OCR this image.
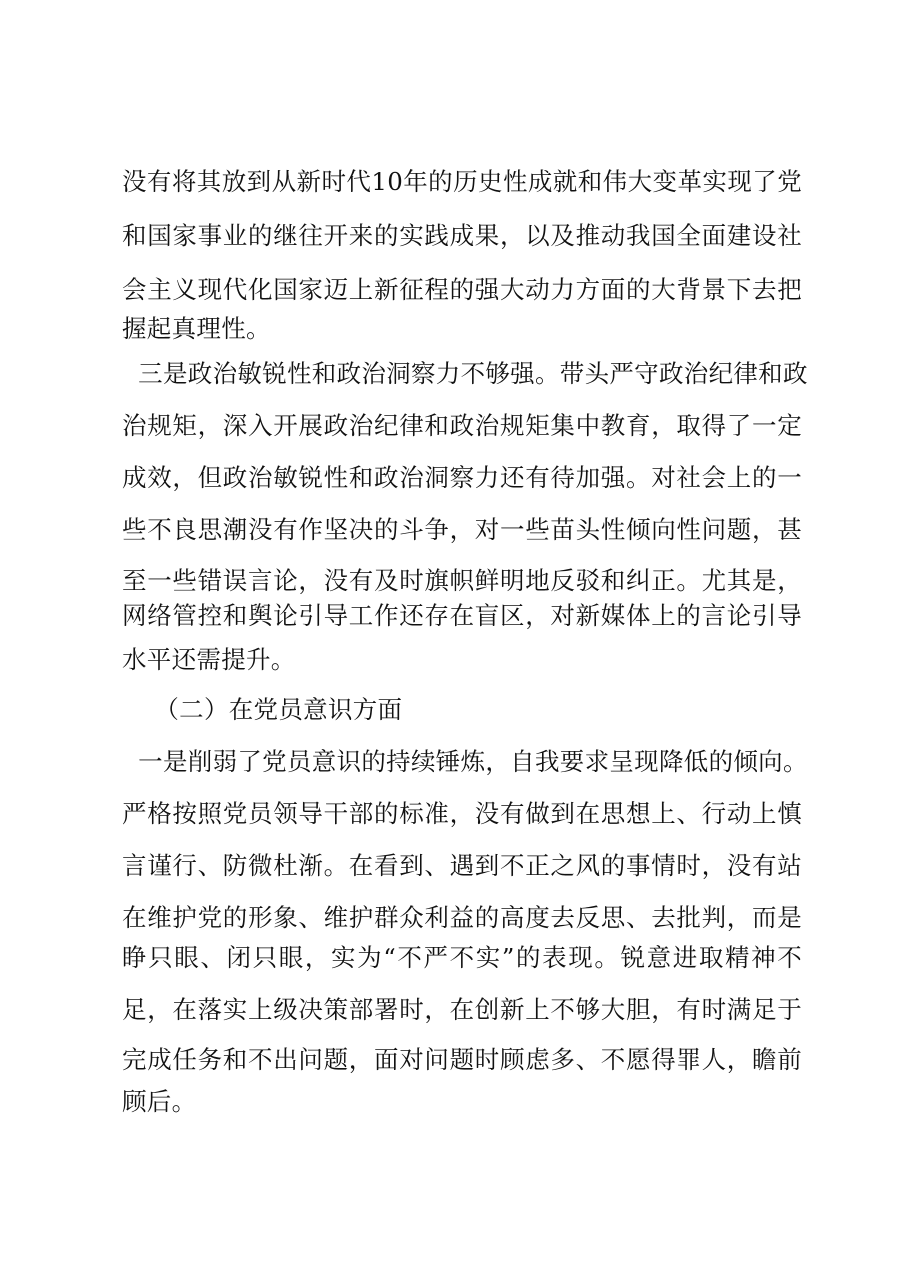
没有将其放到从新时代10年的历史性成就和伟大变革实现了党
和国家事业的继往开来的实践成果，以及推动我国全面建设社
会主义现代化国家迈上新征程的强大动力方面的大背景下去把
握起真理性。
三是政治敏锐性和政治洞察力不够强。带头严守政治纪律和政
治规矩，深入开展政治纪律和政治规矩集中教育，取得了一定
成效，但政治敏锐性和政治洞察力还有待加强。对社会上的一
些不良思潮没有作坚决的斗争，对一些苗头性倾向性问题，甚
至一些错误言论，没有及时旗帜鲜明地反驳和纠正。尤其是，
网络管控和舆论引导工作还存在盲区，对新媒体上的言论引导
水平还需提升。
（二）在党员意识方面
一是削弱了党员意识的持续锤炼，自我要求呈现降低的倾向。
严格按照党员领导干部的标准，没有做到在思想上、行动上慎
言谨行、防微杜渐。在看到、遇到不正之风的事情时，没有站
在维护党的形象、维护群众利益的高度去反思、去批判，而是
睁只眼、闭只眼，实为“不严不实”的表现。锐意进取精神不
足，在落实上级决策部署时，在创新上不够大胆，有时满足于
完成任务和不出问题，面对问题时顾虑多、不愿得罪人，瞻前
顾后。
